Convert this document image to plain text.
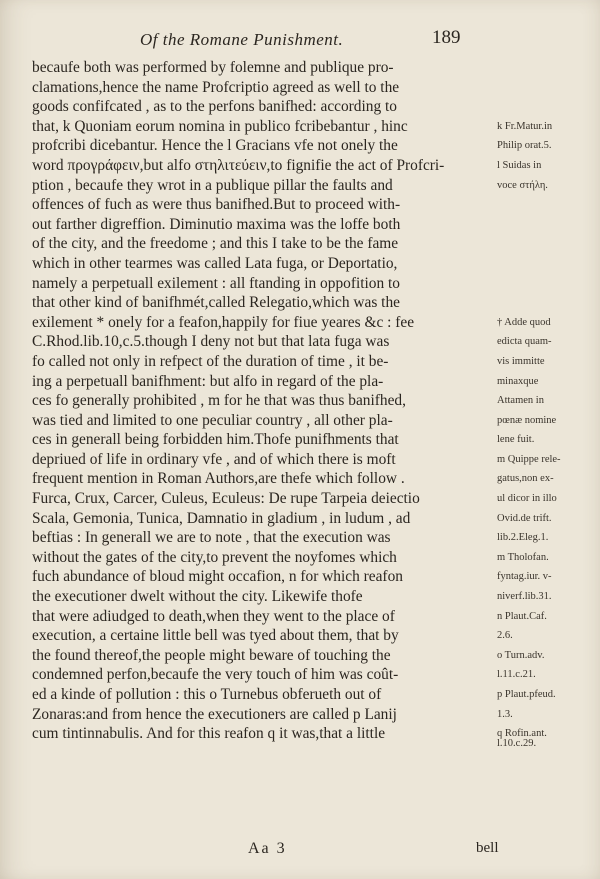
Of the Romane Punishment.	189
becaufe both was performed by folemne and publique pro-
clamations,hence the name Profcriptio agreed as well to the
goods confifcated , as to the perfons banifhed: according to
that, k Quoniam eorum nomina in publico fcribebantur , hinc	k Fr.Matur.in
profcribi dicebantur. Hence the l Gracians vfe not onely the	Philip orat.5.
word προγράφειν,but alfo στηλιτεύειν,to fignifie the act of Profcri-	l Suidas in
ption , becaufe they wrot in a publique pillar the faults and	voce στήλη.
offences of fuch as were thus banifhed.But to proceed with-
out farther digreffion. Diminutio maxima was the loffe both
of the city, and the freedome ; and this I take to be the fame
which in other tearmes was called Lata fuga, or Deportatio,
namely a perpetuall exilement : all ftanding in oppofition to
that other kind of banifhmét,called Relegatio,which was the
exilement * onely for a feafon,happily for fiue yeares &c : fee	† Adde quod
C.Rhod.lib.10,c.5.though I deny not but that lata fuga was	edicta quam-
fo called not only in refpect of the duration of time , it be-	vis immitte
ing a perpetuall banifhment: but alfo in regard of the pla-	minaxque
ces fo generally prohibited , m for he that was thus banifhed,	Attamen in
was tied and limited to one peculiar country , all other pla-	pœnæ nomine
ces in generall being forbidden him.Thofe punifhments that	lene fuit.
depriued of life in ordinary vfe , and of which there is moft	m Quippe rele-
frequent mention in Roman Authors,are thefe which follow .	gatus,non ex-
Furca, Crux, Carcer, Culeus, Eculeus: De rupe Tarpeia deiectio	ul dicor in illo
Scala, Gemonia, Tunica, Damnatio in gladium , in ludum , ad	Ovid.de trift.
beftias : In generall we are to note , that the execution was	lib.2.Eleg.1.
without the gates of the city,to prevent the noyfomes which	m Tholofan.
fuch abundance of bloud might occafion, n for which reafon	fyntag.iur. v-
the executioner dwelt without the city. Likewife thofe	niverf.lib.31.
that were adiudged to death,when they went to the place of	n Plaut.Caf.
execution, a certaine little bell was tyed about them, that by	2.6.
the found thereof,the people might beware of touching the	o Turn.adv.
condemned perfon,becaufe the very touch of him was coût-	l.11.c.21.
ed a kinde of pollution : this o Turnebus obferueth out of	p Plaut.pfeud.
Zonaras:and from hence the executioners are called p Lanij	1.3.
cum tintinnabulis. And for this reafon q it was,that a little	q Rofin.ant.
l.10.c.29.
Aa 3	bell
